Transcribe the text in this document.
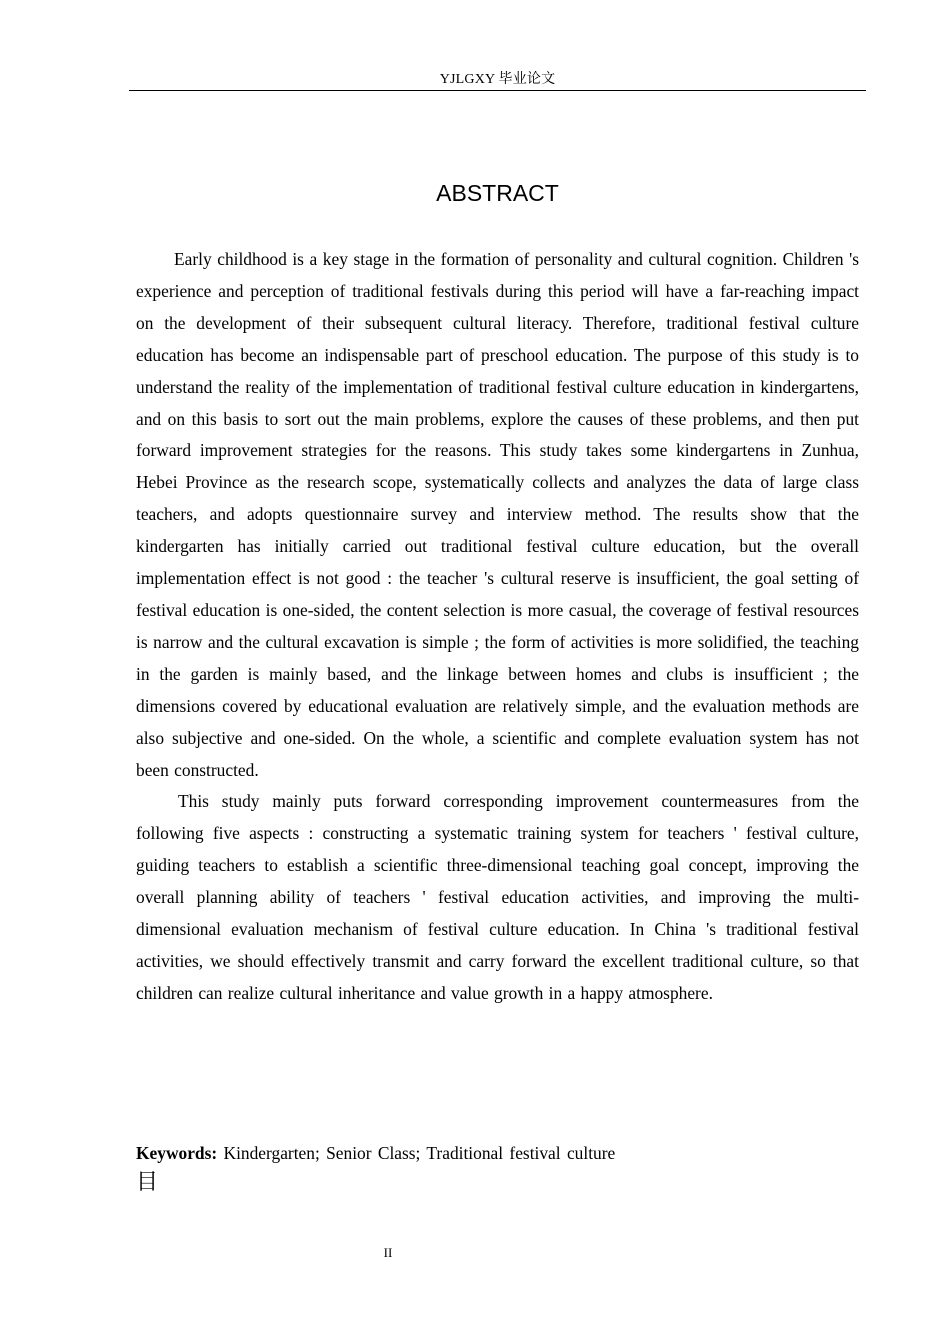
YJLGXY 毕业论文
ABSTRACT

Early childhood is a key stage in the formation of personality and cultural cognition. Children 's experience and perception of traditional festivals during this period will have a far-reaching impact on the development of their subsequent cultural literacy. Therefore, traditional festival culture education has become an indispensable part of preschool education. The purpose of this study is to understand the reality of the implementation of traditional festival culture education in kindergartens, and on this basis to sort out the main problems, explore the causes of these problems, and then put forward improvement strategies for the reasons. This study takes some kindergartens in Zunhua, Hebei Province as the research scope, systematically collects and analyzes the data of large class teachers, and adopts questionnaire survey and interview method. The results show that the kindergarten has initially carried out traditional festival culture education, but the overall implementation effect is not good : the teacher 's cultural reserve is insufficient, the goal setting of festival education is one-sided, the content selection is more casual, the coverage of festival resources is narrow and the cultural excavation is simple ; the form of activities is more solidified, the teaching in the garden is mainly based, and the linkage between homes and clubs is insufficient ; the dimensions covered by educational evaluation are relatively simple, and the evaluation methods are also subjective and one-sided. On the whole, a scientific and complete evaluation system has not been constructed.

This study mainly puts forward corresponding improvement countermeasures from the following five aspects : constructing a systematic training system for teachers ' festival culture, guiding teachers to establish a scientific three-dimensional teaching goal concept, improving the overall planning ability of teachers ' festival education activities, and improving the multi-dimensional evaluation mechanism of festival culture education. In China 's traditional festival activities, we should effectively transmit and carry forward the excellent traditional culture, so that children can realize cultural inheritance and value growth in a happy atmosphere.

Keywords: Kindergarten; Senior Class; Traditional festival culture
目
II
